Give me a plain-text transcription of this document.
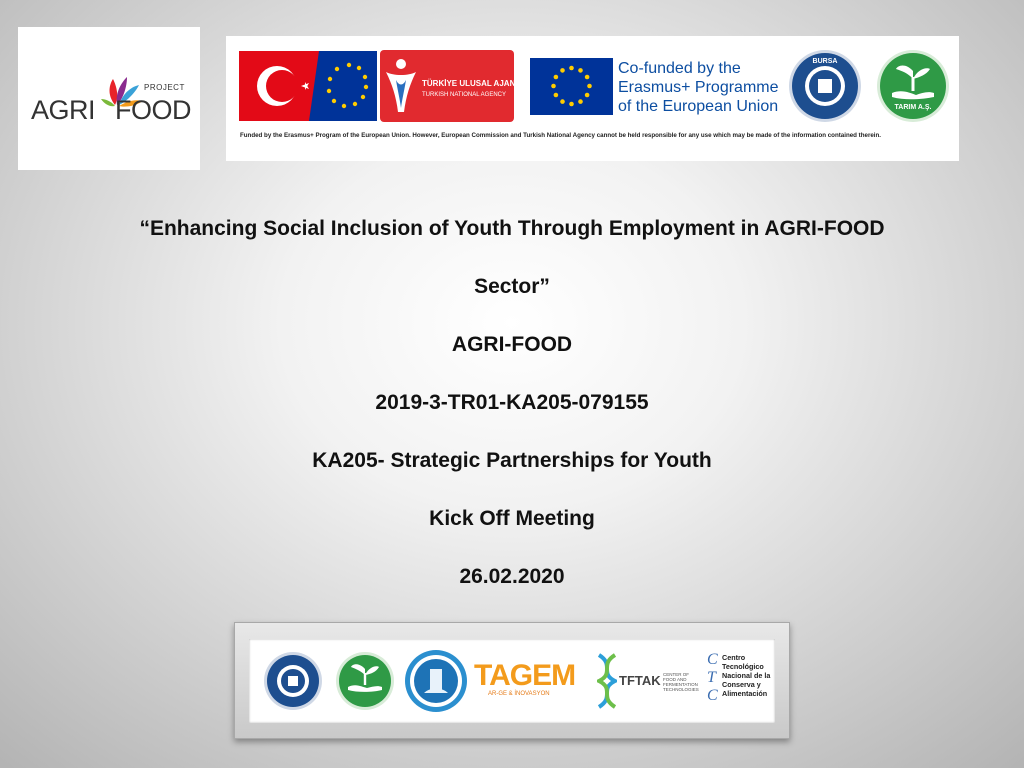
AGRI
PROJECT
FOOD
TÜRKİYE ULUSAL AJANSI
TURKISH NATIONAL AGENCY
Co-funded by the
Erasmus+ Programme
of the European Union
BURSA
TARIM A.Ş.
Funded by the Erasmus+ Program of the European Union. However, European Commission and Turkish National Agency cannot be held responsible for any use which may be made of the information contained therein.
“Enhancing Social Inclusion of Youth Through Employment in AGRI-FOOD
Sector”
AGRI-FOOD
2019-3-TR01-KA205-079155
KA205- Strategic Partnerships for Youth
Kick Off Meeting
26.02.2020
TAGEM
AR-GE & İNOVASYON
TFTAK CENTER OF FOOD AND FERMENTATION TECHNOLOGIES
C
T
C
Centro
Tecnológico
Nacional de la
Conserva y
Alimentación
